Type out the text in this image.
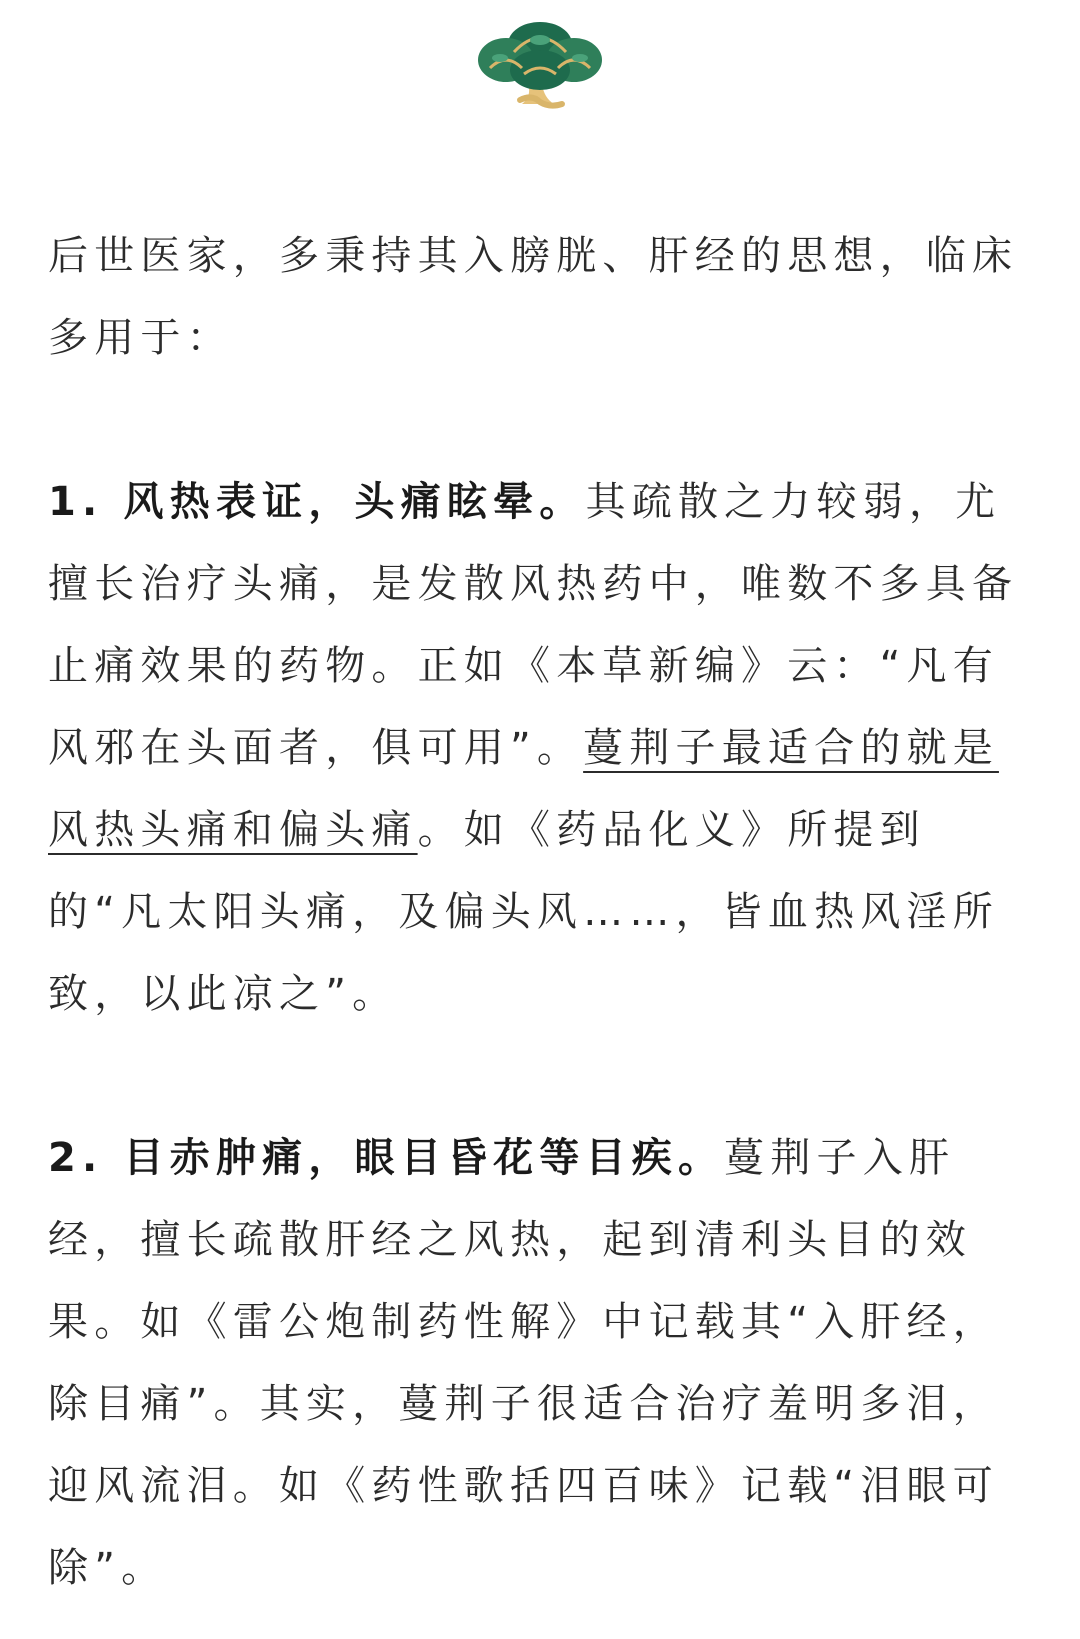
后世医家，多秉持其入膀胱、肝经的思想，临床多用于：

1. 风热表证，头痛眩晕。其疏散之力较弱，尤擅长治疗头痛，是发散风热药中，唯数不多具备止痛效果的药物。正如《本草新编》云：“凡有风邪在头面者，俱可用”。蔓荆子最适合的就是风热头痛和偏头痛。如《药品化义》所提到的“凡太阳头痛，及偏头风……，皆血热风淫所致，以此凉之”。

2. 目赤肿痛，眼目昏花等目疾。蔓荆子入肝经，擅长疏散肝经之风热，起到清利头目的效果。如《雷公炮制药性解》中记载其“入肝经，除目痛”。其实，蔓荆子很适合治疗羞明多泪，迎风流泪。如《药性歌括四百味》记载“泪眼可除”。
